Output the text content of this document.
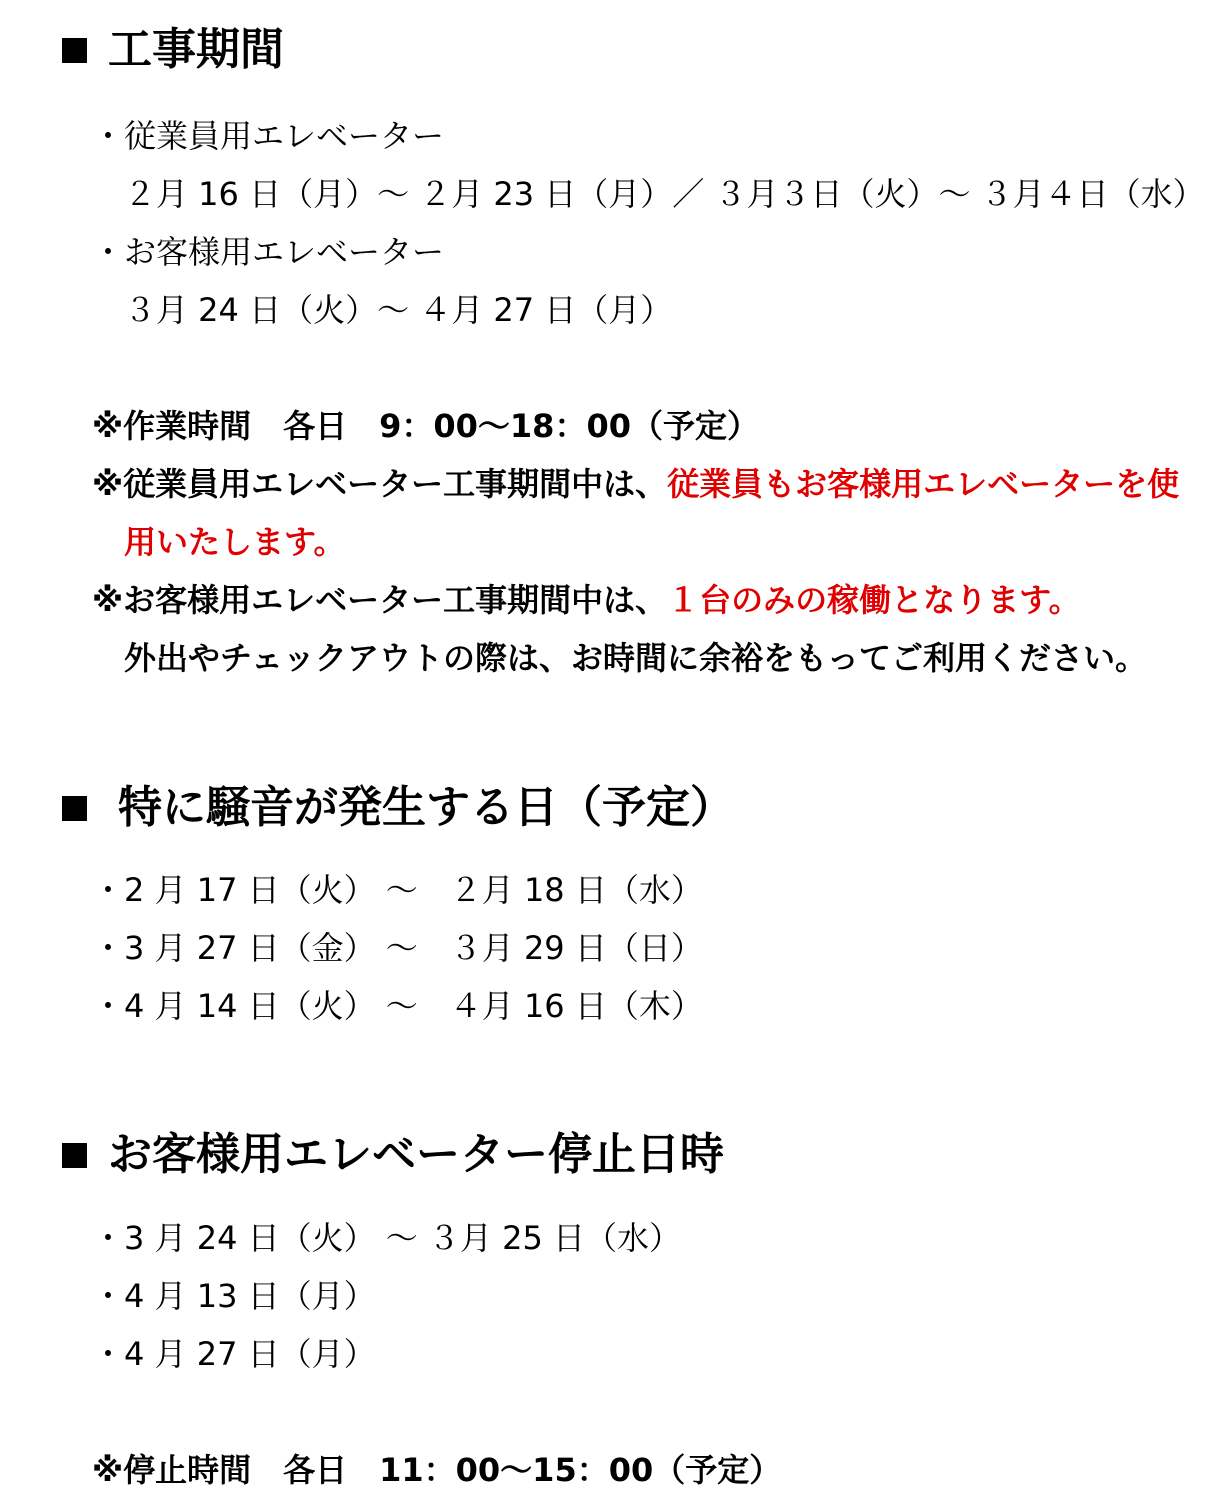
工事期間
・従業員用エレベーター
２月 16 日（月）～ ２月 23 日（月）／ ３月３日（火）～ ３月４日（水）
・お客様用エレベーター
３月 24 日（火）～ ４月 27 日（月）
※作業時間　各日　9：00～18：00（予定）
※従業員用エレベーター工事期間中は、従業員もお客様用エレベーターを使
用いたします。
※お客様用エレベーター工事期間中は、１台のみの稼働となります。
外出やチェックアウトの際は、お時間に余裕をもってご利用ください。
特に騒音が発生する日（予定）
・2 月 17 日（火） ～　２月 18 日（水）
・3 月 27 日（金） ～　３月 29 日（日）
・4 月 14 日（火） ～　４月 16 日（木）
お客様用エレベーター停止日時
・3 月 24 日（火） ～ ３月 25 日（水）
・4 月 13 日（月）
・4 月 27 日（月）
※停止時間　各日　11：00～15：00（予定）
